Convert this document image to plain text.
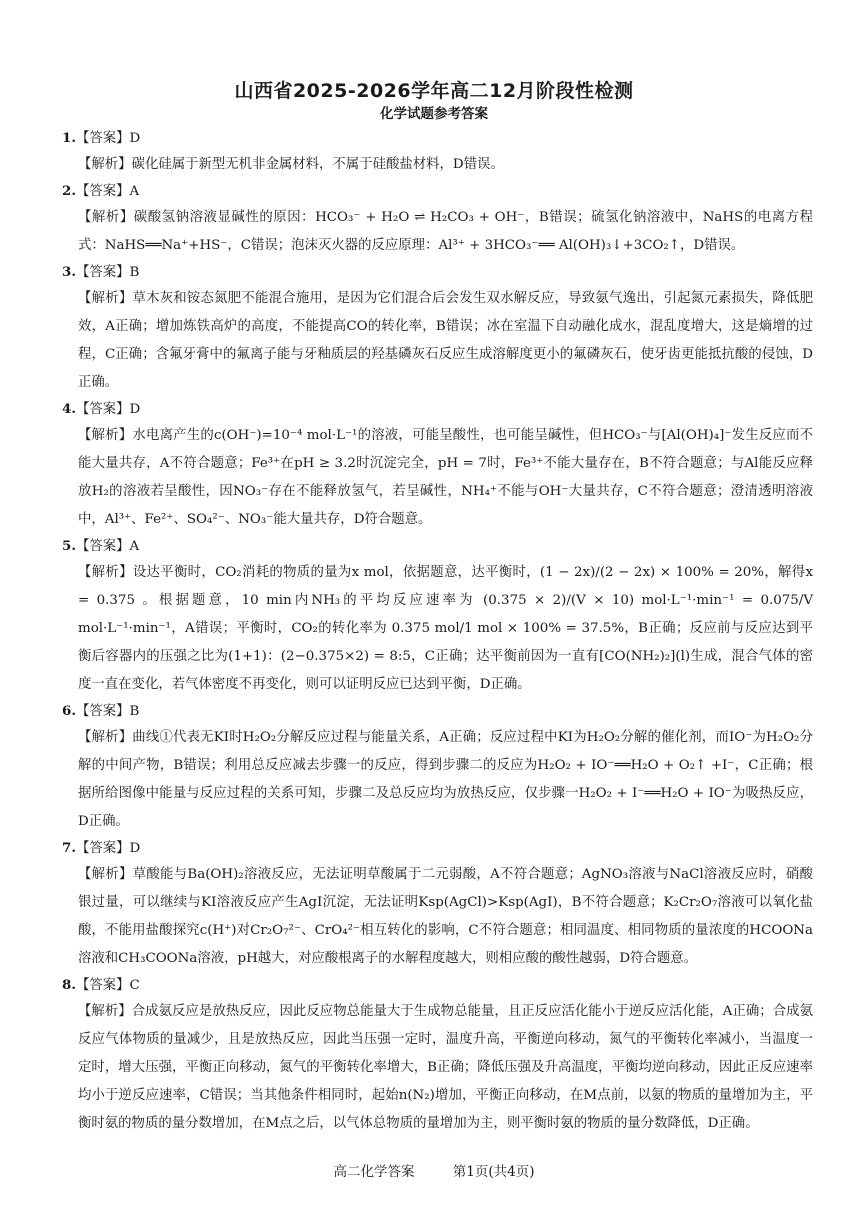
山西省2025-2026学年高二12月阶段性检测
化学试题参考答案
1.【答案】D
【解析】碳化硅属于新型无机非金属材料，不属于硅酸盐材料，D错误。
2.【答案】A
【解析】碳酸氢钠溶液显碱性的原因：HCO₃⁻ + H₂O ⇌ H₂CO₃ + OH⁻，B错误；硫氢化钠溶液中，NaHS的电离方程式：NaHS══Na⁺+HS⁻，C错误；泡沫灭火器的反应原理：Al³⁺ + 3HCO₃⁻══ Al(OH)₃↓+3CO₂↑，D错误。
3.【答案】B
【解析】草木灰和铵态氮肥不能混合施用，是因为它们混合后会发生双水解反应，导致氨气逸出，引起氮元素损失，降低肥效，A正确；增加炼铁高炉的高度，不能提高CO的转化率，B错误；冰在室温下自动融化成水，混乱度增大，这是熵增的过程，C正确；含氟牙膏中的氟离子能与牙釉质层的羟基磷灰石反应生成溶解度更小的氟磷灰石，使牙齿更能抵抗酸的侵蚀，D正确。
4.【答案】D
【解析】水电离产生的c(OH⁻)=10⁻⁴ mol·L⁻¹的溶液，可能呈酸性，也可能呈碱性，但HCO₃⁻与[Al(OH)₄]⁻发生反应而不能大量共存，A不符合题意；Fe³⁺在pH ≥ 3.2时沉淀完全，pH = 7时，Fe³⁺不能大量存在，B不符合题意；与Al能反应释放H₂的溶液若呈酸性，因NO₃⁻存在不能释放氢气，若呈碱性，NH₄⁺不能与OH⁻大量共存，C不符合题意；澄清透明溶液中，Al³⁺、Fe²⁺、SO₄²⁻、NO₃⁻能大量共存，D符合题意。
5.【答案】A
【解析】设达平衡时，CO₂消耗的物质的量为x mol，依据题意，达平衡时，(1 − 2x)/(2 − 2x) × 100% = 20%，解得x = 0.375 。根据题意，10 min内NH₃的平均反应速率为 (0.375 × 2)/(V × 10) mol·L⁻¹·min⁻¹ = 0.075/V mol·L⁻¹·min⁻¹，A错误；平衡时，CO₂的转化率为 0.375 mol/1 mol × 100% = 37.5%，B正确；反应前与反应达到平衡后容器内的压强之比为(1+1)：(2−0.375×2) = 8:5，C正确；达平衡前因为一直有[CO(NH₂)₂](l)生成，混合气体的密度一直在变化，若气体密度不再变化，则可以证明反应已达到平衡，D正确。
6.【答案】B
【解析】曲线①代表无KI时H₂O₂分解反应过程与能量关系，A正确；反应过程中KI为H₂O₂分解的催化剂，而IO⁻为H₂O₂分解的中间产物，B错误；利用总反应减去步骤一的反应，得到步骤二的反应为H₂O₂ + IO⁻══H₂O + O₂↑ +I⁻，C正确；根据所给图像中能量与反应过程的关系可知，步骤二及总反应均为放热反应，仅步骤一H₂O₂ + I⁻══H₂O + IO⁻为吸热反应，D正确。
7.【答案】D
【解析】草酸能与Ba(OH)₂溶液反应，无法证明草酸属于二元弱酸，A不符合题意；AgNO₃溶液与NaCl溶液反应时，硝酸银过量，可以继续与KI溶液反应产生AgI沉淀，无法证明Ksp(AgCl)>Ksp(AgI)，B不符合题意；K₂Cr₂O₇溶液可以氧化盐酸，不能用盐酸探究c(H⁺)对Cr₂O₇²⁻、CrO₄²⁻相互转化的影响，C不符合题意；相同温度、相同物质的量浓度的HCOONa溶液和CH₃COONa溶液，pH越大，对应酸根离子的水解程度越大，则相应酸的酸性越弱，D符合题意。
8.【答案】C
【解析】合成氨反应是放热反应，因此反应物总能量大于生成物总能量，且正反应活化能小于逆反应活化能，A正确；合成氨反应气体物质的量减少，且是放热反应，因此当压强一定时，温度升高，平衡逆向移动，氮气的平衡转化率减小，当温度一定时，增大压强，平衡正向移动，氮气的平衡转化率增大，B正确；降低压强及升高温度，平衡均逆向移动，因此正反应速率均小于逆反应速率，C错误；当其他条件相同时，起始n(N₂)增加，平衡正向移动，在M点前，以氨的物质的量增加为主，平衡时氨的物质的量分数增加，在M点之后，以气体总物质的量增加为主，则平衡时氨的物质的量分数降低，D正确。
高二化学答案	第1页(共4页)
